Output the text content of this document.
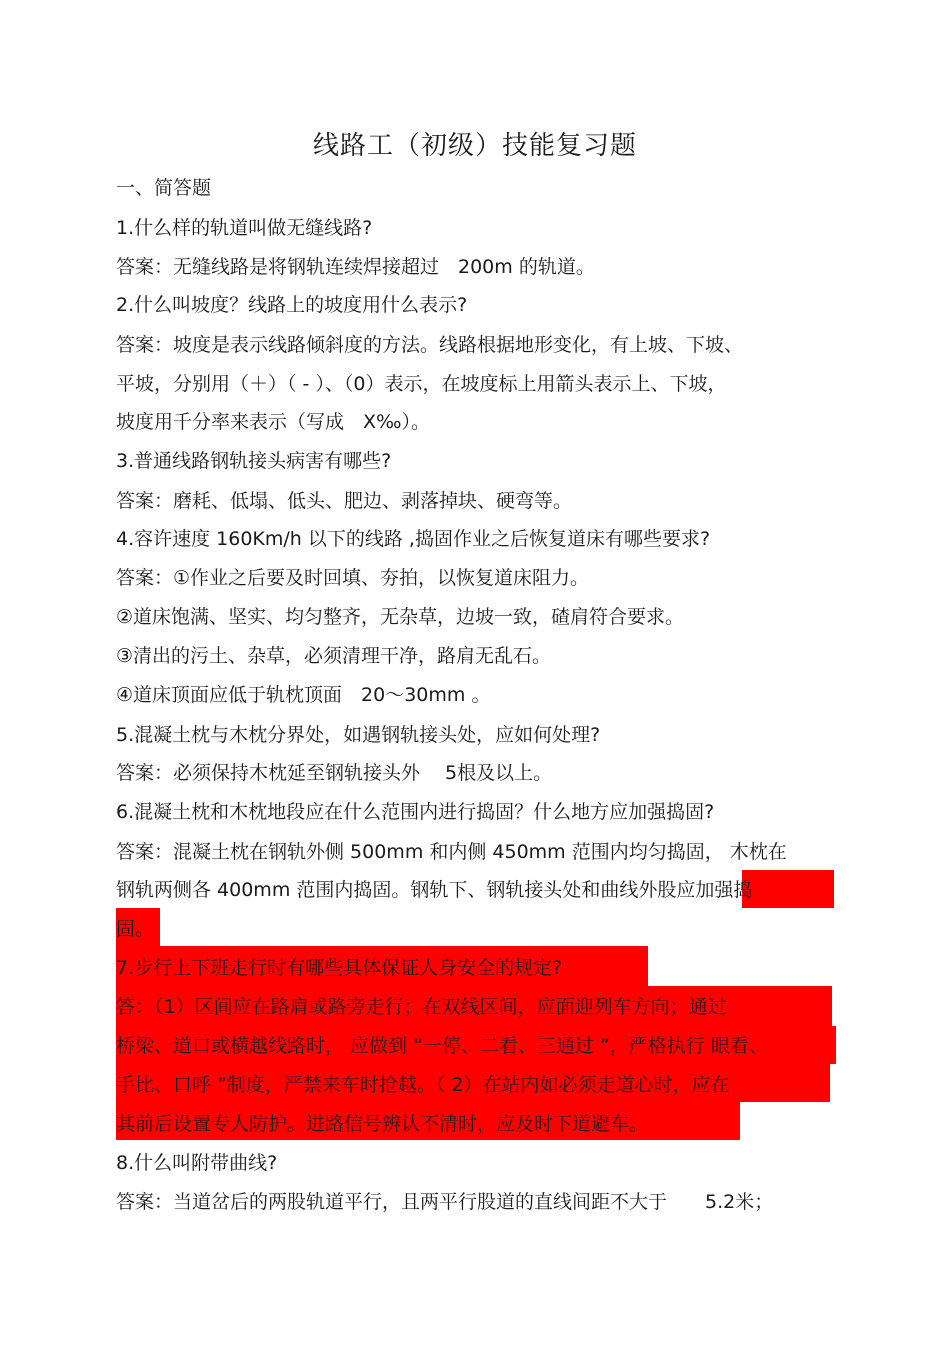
线路工（初级）技能复习题
一、简答题
1.什么样的轨道叫做无缝线路?
答案：无缝线路是将钢轨连续焊接超过　200m 的轨道。
2.什么叫坡度？线路上的坡度用什么表示?
答案：坡度是表示线路倾斜度的方法。线路根据地形变化，有上坡、下坡、
平坡，分别用（＋）（ - ）、（0）表示，在坡度标上用箭头表示上、下坡，
坡度用千分率来表示（写成　X‰）。
3.普通线路钢轨接头病害有哪些?
答案：磨耗、低塌、低头、肥边、剥落掉块、硬弯等。
4.容许速度 160Km/h 以下的线路 ,捣固作业之后恢复道床有哪些要求?
答案：①作业之后要及时回填、夯拍，以恢复道床阻力。
②道床饱满、坚实、均匀整齐，无杂草，边坡一致，碴肩符合要求。
③清出的污土、杂草，必须清理干净，路肩无乱石。
④道床顶面应低于轨枕顶面　20～30mm 。
5.混凝土枕与木枕分界处，如遇钢轨接头处，应如何处理?
答案：必须保持木枕延至钢轨接头外　 5根及以上。
6.混凝土枕和木枕地段应在什么范围内进行捣固？什么地方应加强捣固?
答案：混凝土枕在钢轨外侧 500mm 和内侧 450mm 范围内均匀捣固， 木枕在
钢轨两侧各 400mm 范围内捣固。钢轨下、钢轨接头处和曲线外股应加强捣
固。
7.步行上下班走行时有哪些具体保证人身安全的规定?
答：（1）区间应在路肩或路旁走行；在双线区间，应面迎列车方向；通过
桥梁、道口或横越线路时， 应做到 “一停、二看、三通过 ”，严格执行 眼看、
手比、口呼 ”制度，严禁来车时抢越。（ 2）在站内如必须走道心时，应在
其前后设置专人防护。进路信号辨认不清时，应及时下道避车。
8.什么叫附带曲线?
答案：当道岔后的两股轨道平行，且两平行股道的直线间距不大于　　5.2米；
